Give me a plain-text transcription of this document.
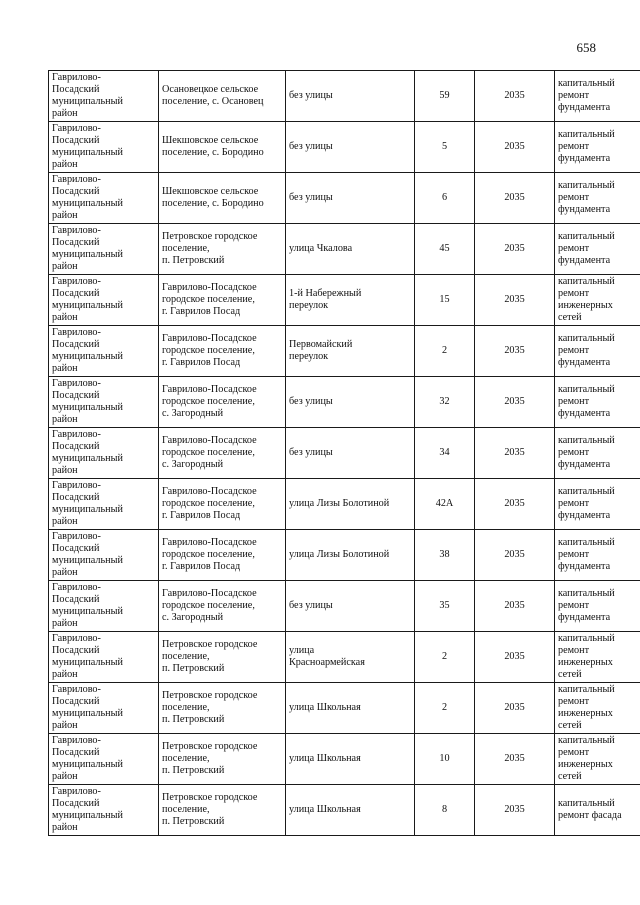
658
Гаврилово-
Посадский
муниципальный
район	Осановецкое сельское
поселение, с. Осановец	без улицы	59	2035	капитальный
ремонт
фундамента

Гаврилово-
Посадский
муниципальный
район	Шекшовское сельское
поселение, с. Бородино	без улицы	5	2035	капитальный
ремонт
фундамента

Гаврилово-
Посадский
муниципальный
район	Шекшовское сельское
поселение, с. Бородино	без улицы	6	2035	капитальный
ремонт
фундамента

Гаврилово-
Посадский
муниципальный
район	Петровское городское
поселение,
п. Петровский	улица Чкалова	45	2035	капитальный
ремонт
фундамента

Гаврилово-
Посадский
муниципальный
район	Гаврилово-Посадское
городское поселение,
г. Гаврилов Посад	1-й Набережный
переулок	15	2035	капитальный
ремонт
инженерных
сетей

Гаврилово-
Посадский
муниципальный
район	Гаврилово-Посадское
городское поселение,
г. Гаврилов Посад	Первомайский
переулок	2	2035	капитальный
ремонт
фундамента

Гаврилово-
Посадский
муниципальный
район	Гаврилово-Посадское
городское поселение,
с. Загородный	без улицы	32	2035	капитальный
ремонт
фундамента

Гаврилово-
Посадский
муниципальный
район	Гаврилово-Посадское
городское поселение,
с. Загородный	без улицы	34	2035	капитальный
ремонт
фундамента

Гаврилово-
Посадский
муниципальный
район	Гаврилово-Посадское
городское поселение,
г. Гаврилов Посад	улица Лизы Болотиной	42А	2035	капитальный
ремонт
фундамента

Гаврилово-
Посадский
муниципальный
район	Гаврилово-Посадское
городское поселение,
г. Гаврилов Посад	улица Лизы Болотиной	38	2035	капитальный
ремонт
фундамента

Гаврилово-
Посадский
муниципальный
район	Гаврилово-Посадское
городское поселение,
с. Загородный	без улицы	35	2035	капитальный
ремонт
фундамента

Гаврилово-
Посадский
муниципальный
район	Петровское городское
поселение,
п. Петровский	улица
Красноармейская	2	2035	капитальный
ремонт
инженерных
сетей

Гаврилово-
Посадский
муниципальный
район	Петровское городское
поселение,
п. Петровский	улица Школьная	2	2035	капитальный
ремонт
инженерных
сетей

Гаврилово-
Посадский
муниципальный
район	Петровское городское
поселение,
п. Петровский	улица Школьная	10	2035	капитальный
ремонт
инженерных
сетей

Гаврилово-
Посадский
муниципальный
район	Петровское городское
поселение,
п. Петровский	улица Школьная	8	2035	капитальный
ремонт фасада
